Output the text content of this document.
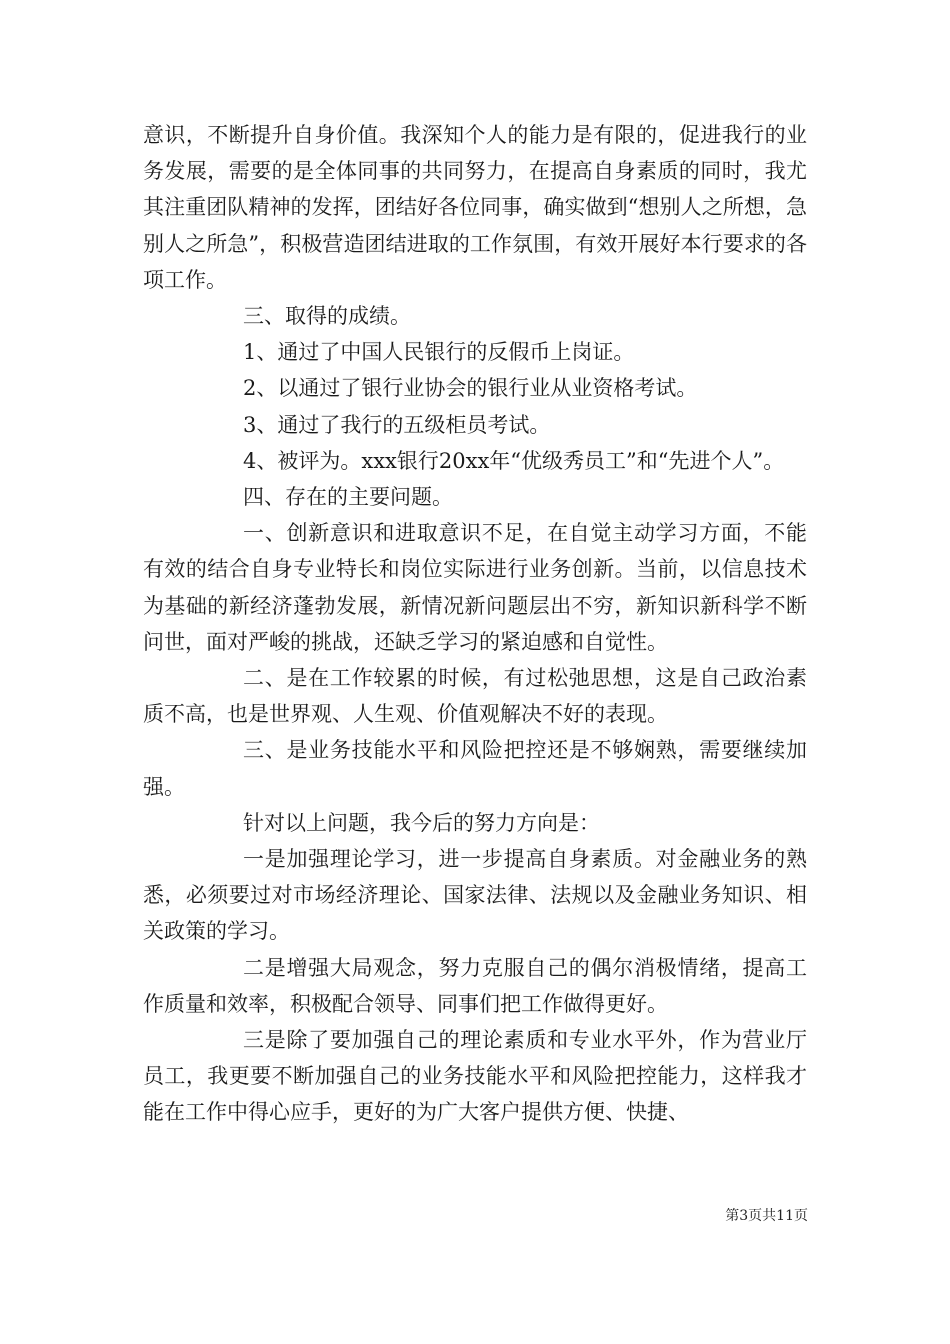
意识，不断提升自身价值。我深知个人的能力是有限的，促进我行的业务发展，需要的是全体同事的共同努力，在提高自身素质的同时，我尤其注重团队精神的发挥，团结好各位同事，确实做到“想别人之所想，急别人之所急”，积极营造团结进取的工作氛围，有效开展好本行要求的各项工作。

三、取得的成绩。

1、通过了中国人民银行的反假币上岗证。

2、以通过了银行业协会的银行业从业资格考试。

3、通过了我行的五级柜员考试。

4、被评为。xxx银行20xx年“优级秀员工”和“先进个人”。

四、存在的主要问题。

一、创新意识和进取意识不足，在自觉主动学习方面，不能有效的结合自身专业特长和岗位实际进行业务创新。当前，以信息技术为基础的新经济蓬勃发展，新情况新问题层出不穷，新知识新科学不断问世，面对严峻的挑战，还缺乏学习的紧迫感和自觉性。

二、是在工作较累的时候，有过松弛思想，这是自己政治素质不高，也是世界观、人生观、价值观解决不好的表现。

三、是业务技能水平和风险把控还是不够娴熟，需要继续加强。

针对以上问题，我今后的努力方向是：

一是加强理论学习，进一步提高自身素质。对金融业务的熟悉，必须要过对市场经济理论、国家法律、法规以及金融业务知识、相关政策的学习。

二是增强大局观念，努力克服自己的偶尔消极情绪，提高工作质量和效率，积极配合领导、同事们把工作做得更好。

三是除了要加强自己的理论素质和专业水平外，作为营业厅员工，我更要不断加强自己的业务技能水平和风险把控能力，这样我才能在工作中得心应手，更好的为广大客户提供方便、快捷、

第3页共11页
